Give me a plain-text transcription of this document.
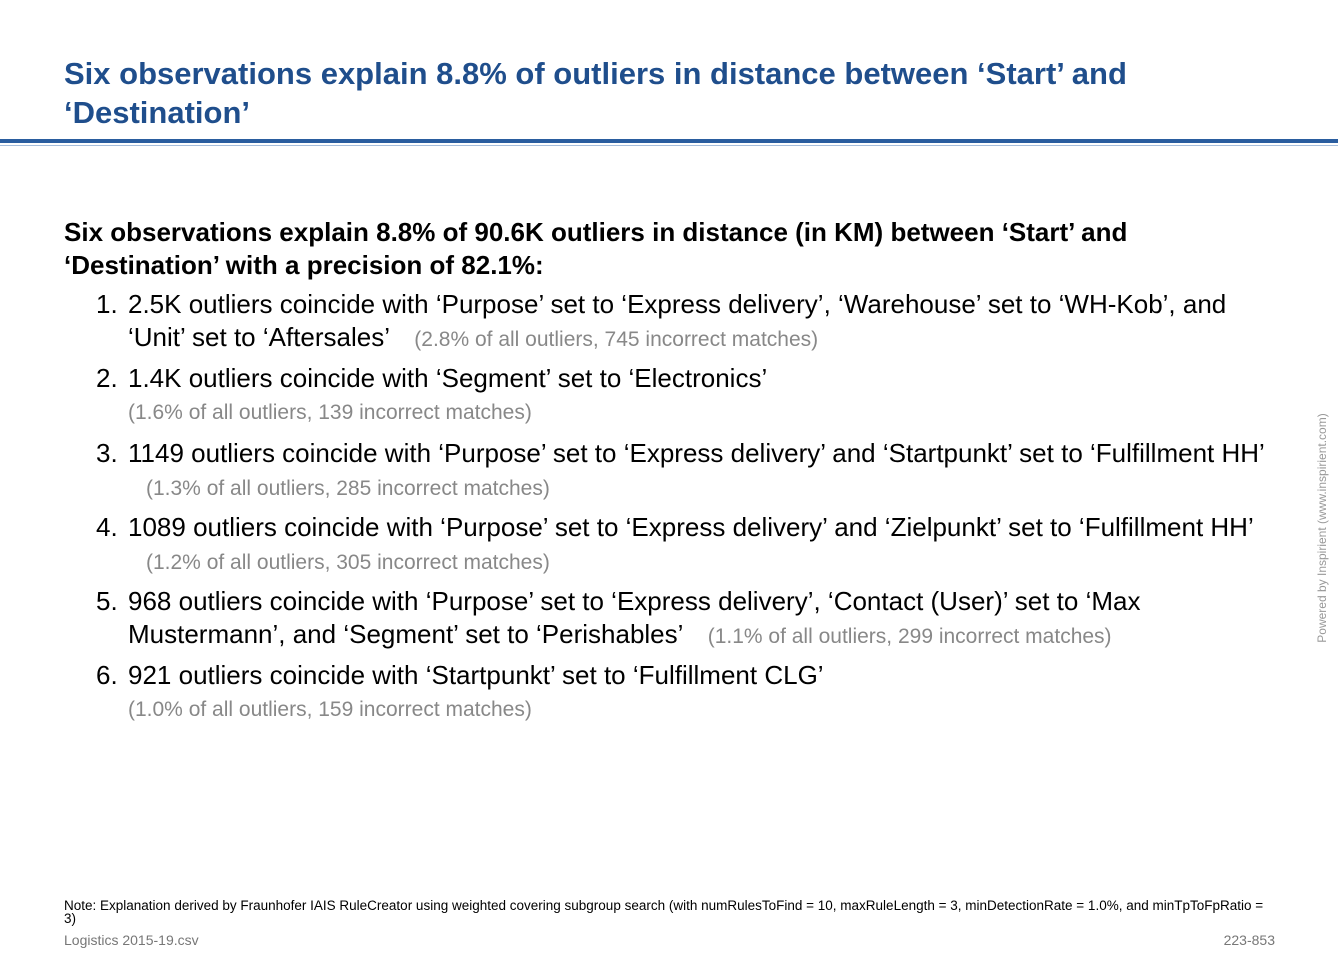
Six observations explain 8.8% of outliers in distance between ‘Start’ and ‘Destination’

Six observations explain 8.8% of 90.6K outliers in distance (in KM) between ‘Start’ and ‘Destination’ with a precision of 82.1%:

1. 2.5K outliers coincide with ‘Purpose’ set to ‘Express delivery’, ‘Warehouse’ set to ‘WH-Kob’, and ‘Unit’ set to ‘Aftersales’ (2.8% of all outliers, 745 incorrect matches)
2. 1.4K outliers coincide with ‘Segment’ set to ‘Electronics’
(1.6% of all outliers, 139 incorrect matches)
3. 1149 outliers coincide with ‘Purpose’ set to ‘Express delivery’ and ‘Startpunkt’ set to ‘Fulfillment HH’ (1.3% of all outliers, 285 incorrect matches)
4. 1089 outliers coincide with ‘Purpose’ set to ‘Express delivery’ and ‘Zielpunkt’ set to ‘Fulfillment HH’ (1.2% of all outliers, 305 incorrect matches)
5. 968 outliers coincide with ‘Purpose’ set to ‘Express delivery’, ‘Contact (User)’ set to ‘Max Mustermann’, and ‘Segment’ set to ‘Perishables’ (1.1% of all outliers, 299 incorrect matches)
6. 921 outliers coincide with ‘Startpunkt’ set to ‘Fulfillment CLG’
(1.0% of all outliers, 159 incorrect matches)
Powered by Inspirient (www.inspirient.com)

Note: Explanation derived by Fraunhofer IAIS RuleCreator using weighted covering subgroup search (with numRulesToFind = 10, maxRuleLength = 3, minDetectionRate = 1.0%, and minTpToFpRatio = 3)

Logistics 2015-19.csv	223-853
